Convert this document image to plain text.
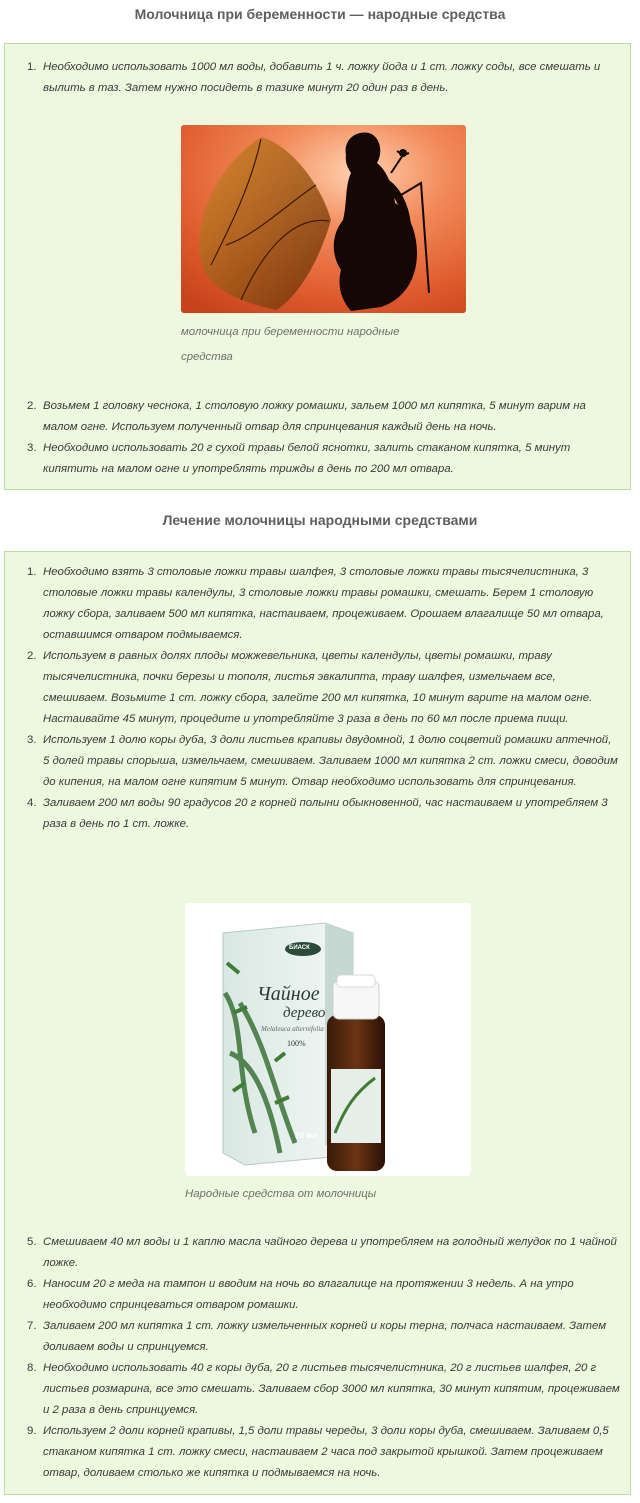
Молочница при беременности — народные средства
1. Необходимо использовать 1000 мл воды, добавить 1 ч. ложку йода и 1 ст. ложку соды, все смешать и вылить в таз. Затем нужно посидеть в тазике минут 20 один раз в день.
молочница при беременности народные средства
2. Возьмем 1 головку чеснока, 1 столовую ложку ромашки, зальем 1000 мл кипятка, 5 минут варим на малом огне. Используем полученный отвар для спринцевания каждый день на ночь.
3. Необходимо использовать 20 г сухой травы белой яснотки, залить стаканом кипятка, 5 минут кипятить на малом огне и употреблять трижды в день по 200 мл отвара.
Лечение молочницы народными средствами
1. Необходимо взять 3 столовые ложки травы шалфея, 3 столовые ложки травы тысячелистника, 3 столовые ложки травы календулы, 3 столовые ложки травы ромашки, смешать. Берем 1 столовую ложку сбора, заливаем 500 мл кипятка, настаиваем, процеживаем. Орошаем влагалище 50 мл отвара, оставшимся отваром подмываемся.
2. Используем в равных долях плоды можжевельника, цветы календулы, цветы ромашки, траву тысячелистника, почки березы и тополя, листья эвкалипта, траву шалфея, измельчаем все, смешиваем. Возьмите 1 ст. ложку сбора, залейте 200 мл кипятка, 10 минут варите на малом огне. Настаивайте 45 минут, процедите и употребляйте 3 раза в день по 60 мл после приема пищи.
3. Используем 1 долю коры дуба, 3 доли листьев крапивы двудомной, 1 долю соцветий ромашки аптечной, 5 долей травы спорыша, измельчаем, смешиваем. Заливаем 1000 мл кипятка 2 ст. ложки смеси, доводим до кипения, на малом огне кипятим 5 минут. Отвар необходимо использовать для спринцевания.
4. Заливаем 200 мл воды 90 градусов 20 г корней полыни обыкновенной, час настаиваем и употребляем 3 раза в день по 1 ст. ложке.
БИАСК
Чайное
дерево
Melaleuca alternifolia
100%
10 мл
Народные средства от молочницы
5. Смешиваем 40 мл воды и 1 каплю масла чайного дерева и употребляем на голодный желудок по 1 чайной ложке.
6. Наносим 20 г меда на тампон и вводим на ночь во влагалище на протяжении 3 недель. А на утро необходимо спринцеваться отваром ромашки.
7. Заливаем 200 мл кипятка 1 ст. ложку измельченных корней и коры терна, полчаса настаиваем. Затем доливаем воды и спринцуемся.
8. Необходимо использовать 40 г коры дуба, 20 г листьев тысячелистника, 20 г листьев шалфея, 20 г листьев розмарина, все это смешать. Заливаем сбор 3000 мл кипятка, 30 минут кипятим, процеживаем и 2 раза в день спринцуемся.
9. Используем 2 доли корней крапивы, 1,5 доли травы череды, 3 доли коры дуба, смешиваем. Заливаем 0,5 стаканом кипятка 1 ст. ложку смеси, настаиваем 2 часа под закрытой крышкой. Затем процеживаем отвар, доливаем столько же кипятка и подмываемся на ночь.
